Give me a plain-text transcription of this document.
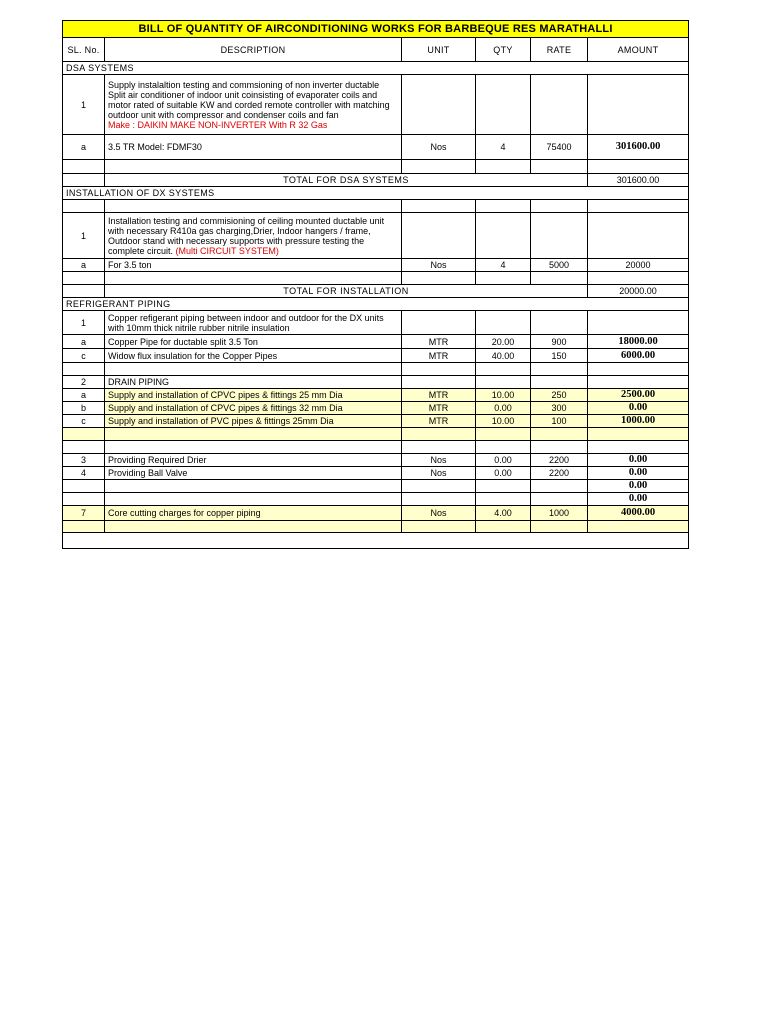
BILL OF QUANTITY OF AIRCONDITIONING WORKS FOR BARBEQUE RES MARATHALLI					
SL. No.	DESCRIPTION	UNIT	QTY	RATE	AMOUNT
DSA SYSTEMS					
1	Supply instalaltion testing and commsioning of non inverter ductable Split air conditioner of indoor unit coinsisting of evaporater coils and motor rated of suitable KW and corded remote controller with matching outdoor unit with compressor and condenser coils and fan
Make : DAIKIN MAKE NON-INVERTER With R 32 Gas				
a	3.5 TR Model: FDMF30	Nos	4	75400	301600.00

	TOTAL FOR DSA SYSTEMS				301600.00
INSTALLATION OF DX SYSTEMS					

1	Installation testing and commisioning of ceiling mounted ductable unit with necessary R410a gas charging,Drier, Indoor hangers / frame, Outdoor stand with necessary supports with pressure testing the complete circuit. (Multi CIRCUIT SYSTEM)				
a	For 3.5 ton	Nos	4	5000	20000

	TOTAL FOR INSTALLATION				20000.00
REFRIGERANT PIPING					
1	Copper refigerant piping between indoor and outdoor for the DX units with 10mm thick nitrile rubber nitrile insulation				
a	Copper Pipe for ductable split 3.5 Ton	MTR	20.00	900	18000.00
c	Widow flux insulation for the Copper Pipes	MTR	40.00	150	6000.00

2	DRAIN PIPING				
a	Supply and installation of CPVC pipes & fittings 25 mm Dia	MTR	10.00	250	2500.00
b	Supply and installation of CPVC pipes & fittings 32 mm Dia	MTR	0.00	300	0.00
c	Supply and installation of PVC pipes & fittings 25mm Dia	MTR	10.00	100	1000.00

3	Providing Required Drier	Nos	0.00	2200	0.00
4	Providing Ball Valve	Nos	0.00	2200	0.00
					0.00
					0.00
7	Core cutting charges for copper piping	Nos	4.00	1000	4000.00
